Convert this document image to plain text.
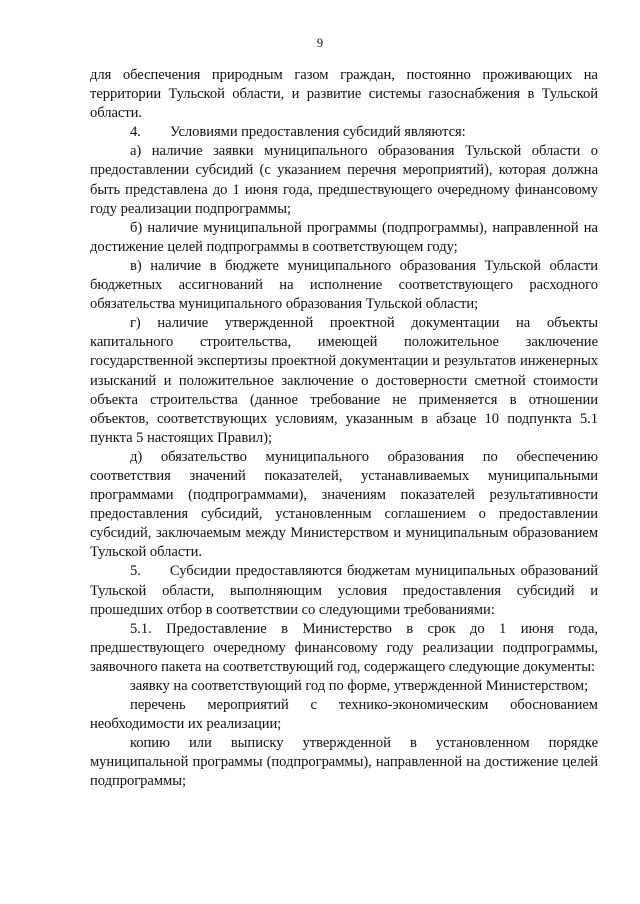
9

для обеспечения природным газом граждан, постоянно проживающих на территории Тульской области, и развитие системы газоснабжения в Тульской области.

4.  Условиями предоставления субсидий являются:

а) наличие заявки муниципального образования Тульской области о предоставлении субсидий (с указанием перечня мероприятий), которая должна быть представлена до 1 июня года, предшествующего очередному финансовому году реализации подпрограммы;

б) наличие муниципальной программы (подпрограммы), направленной на достижение целей подпрограммы в соответствующем году;

в) наличие в бюджете муниципального образования Тульской области бюджетных ассигнований на исполнение соответствующего расходного обязательства муниципального образования Тульской области;

г) наличие утвержденной проектной документации на объекты капитального строительства, имеющей положительное заключение государственной экспертизы проектной документации и результатов инженерных изысканий и положительное заключение о достоверности сметной стоимости объекта строительства (данное требование не применяется в отношении объектов, соответствующих условиям, указанным в абзаце 10 подпункта 5.1 пункта 5 настоящих Правил);

д) обязательство муниципального образования по обеспечению соответствия значений показателей, устанавливаемых муниципальными программами (подпрограммами), значениям показателей результативности предоставления субсидий, установленным соглашением о предоставлении субсидий, заключаемым между Министерством и муниципальным образованием Тульской области.

5.  Субсидии предоставляются бюджетам муниципальных образований Тульской области, выполняющим условия предоставления субсидий и прошедших отбор в соответствии со следующими требованиями:

5.1. Предоставление в Министерство в срок до 1 июня года, предшествующего очередному финансовому году реализации подпрограммы, заявочного пакета на соответствующий год, содержащего следующие документы:

заявку на соответствующий год по форме, утвержденной Министерством;

перечень мероприятий с технико-экономическим обоснованием необходимости их реализации;

копию или выписку утвержденной в установленном порядке муниципальной программы (подпрограммы), направленной на достижение целей подпрограммы;
